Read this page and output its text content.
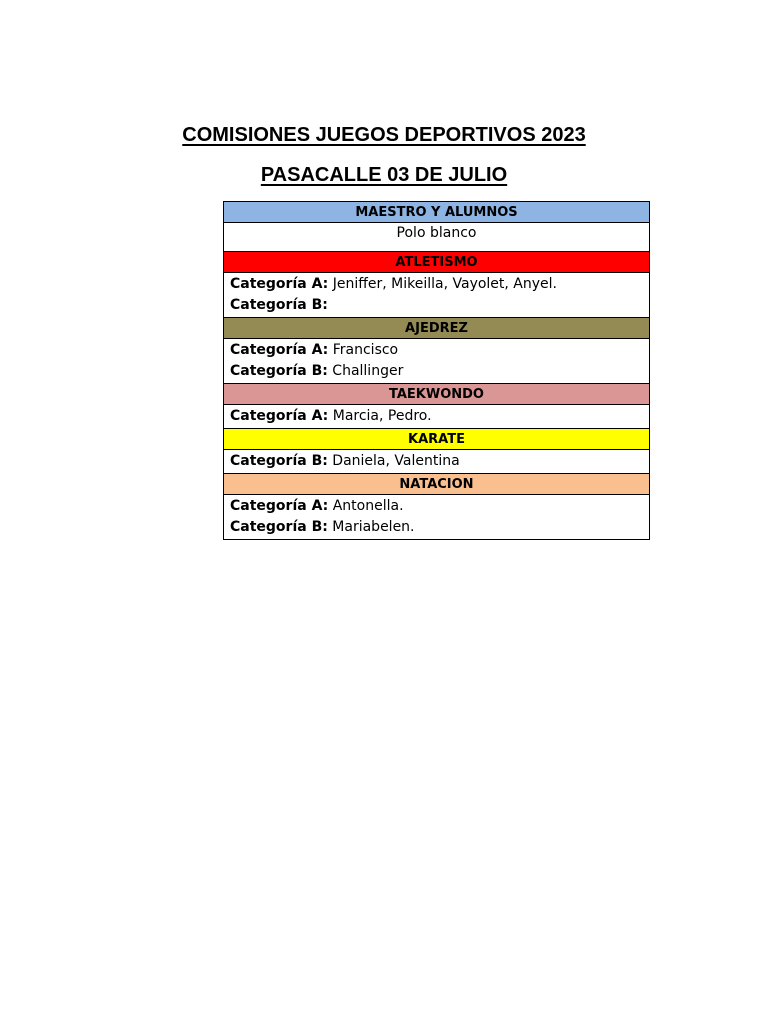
COMISIONES JUEGOS DEPORTIVOS 2023
PASACALLE 03 DE JULIO
MAESTRO Y ALUMNOS
Polo blanco
ATLETISMO

Categoría A: Jeniffer, Mikeilla, Vayolet, Anyel.
Categoría B:

AJEDREZ

Categoría A: Francisco
Categoría B: Challinger

TAEKWONDO

Categoría A: Marcia, Pedro.

KARATE

Categoría B: Daniela, Valentina

NATACION

Categoría A: Antonella.
Categoría B: Mariabelen.
